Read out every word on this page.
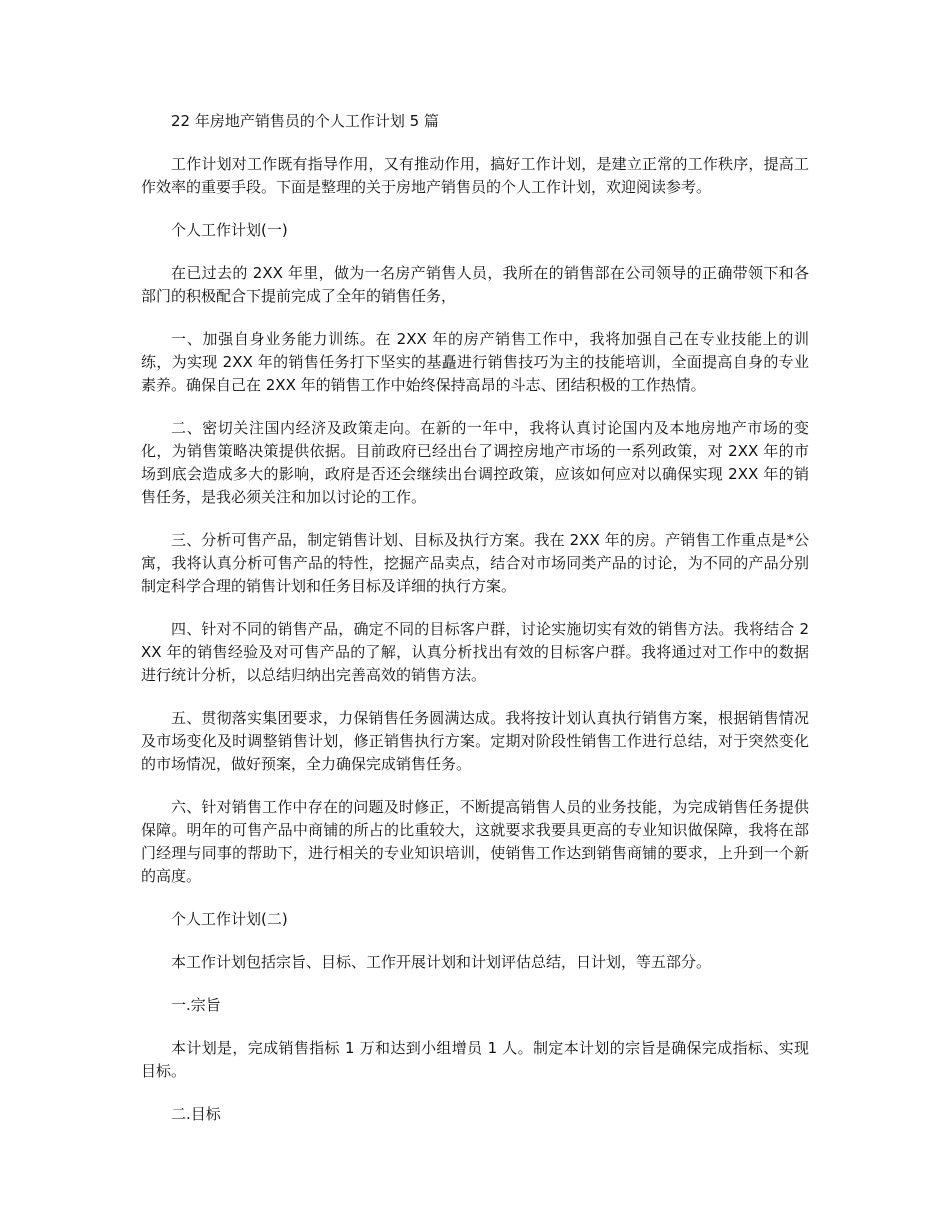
22 年房地产销售员的个人工作计划 5 篇

工作计划对工作既有指导作用，又有推动作用，搞好工作计划，是建立正常的工作秩序，提高工作效率的重要手段。下面是整理的关于房地产销售员的个人工作计划，欢迎阅读参考。

个人工作计划(一)

在已过去的 2XX 年里，做为一名房产销售人员，我所在的销售部在公司领导的正确带领下和各部门的积极配合下提前完成了全年的销售任务，

一、加强自身业务能力训练。在 2XX 年的房产销售工作中，我将加强自己在专业技能上的训练，为实现 2XX 年的销售任务打下坚实的基矗进行销售技巧为主的技能培训，全面提高自身的专业素养。确保自己在 2XX 年的销售工作中始终保持高昂的斗志、团结积极的工作热情。

二、密切关注国内经济及政策走向。在新的一年中，我将认真讨论国内及本地房地产市场的变化，为销售策略决策提供依据。目前政府已经出台了调控房地产市场的一系列政策，对 2XX 年的市场到底会造成多大的影响，政府是否还会继续出台调控政策，应该如何应对以确保实现 2XX 年的销售任务，是我必须关注和加以讨论的工作。

三、分析可售产品，制定销售计划、目标及执行方案。我在 2XX 年的房。产销售工作重点是*公寓，我将认真分析可售产品的特性，挖掘产品卖点，结合对市场同类产品的讨论，为不同的产品分别制定科学合理的销售计划和任务目标及详细的执行方案。

四、针对不同的销售产品，确定不同的目标客户群，讨论实施切实有效的销售方法。我将结合 2XX 年的销售经验及对可售产品的了解，认真分析找出有效的目标客户群。我将通过对工作中的数据进行统计分析，以总结归纳出完善高效的销售方法。

五、贯彻落实集团要求，力保销售任务圆满达成。我将按计划认真执行销售方案，根据销售情况及市场变化及时调整销售计划，修正销售执行方案。定期对阶段性销售工作进行总结，对于突然变化的市场情况，做好预案，全力确保完成销售任务。

六、针对销售工作中存在的问题及时修正，不断提高销售人员的业务技能，为完成销售任务提供保障。明年的可售产品中商铺的所占的比重较大，这就要求我要具更高的专业知识做保障，我将在部门经理与同事的帮助下，进行相关的专业知识培训，使销售工作达到销售商铺的要求，上升到一个新的高度。

个人工作计划(二)

本工作计划包括宗旨、目标、工作开展计划和计划评估总结，日计划，等五部分。

一.宗旨

本计划是，完成销售指标 1 万和达到小组增员 1 人。制定本计划的宗旨是确保完成指标、实现目标。

二.目标
